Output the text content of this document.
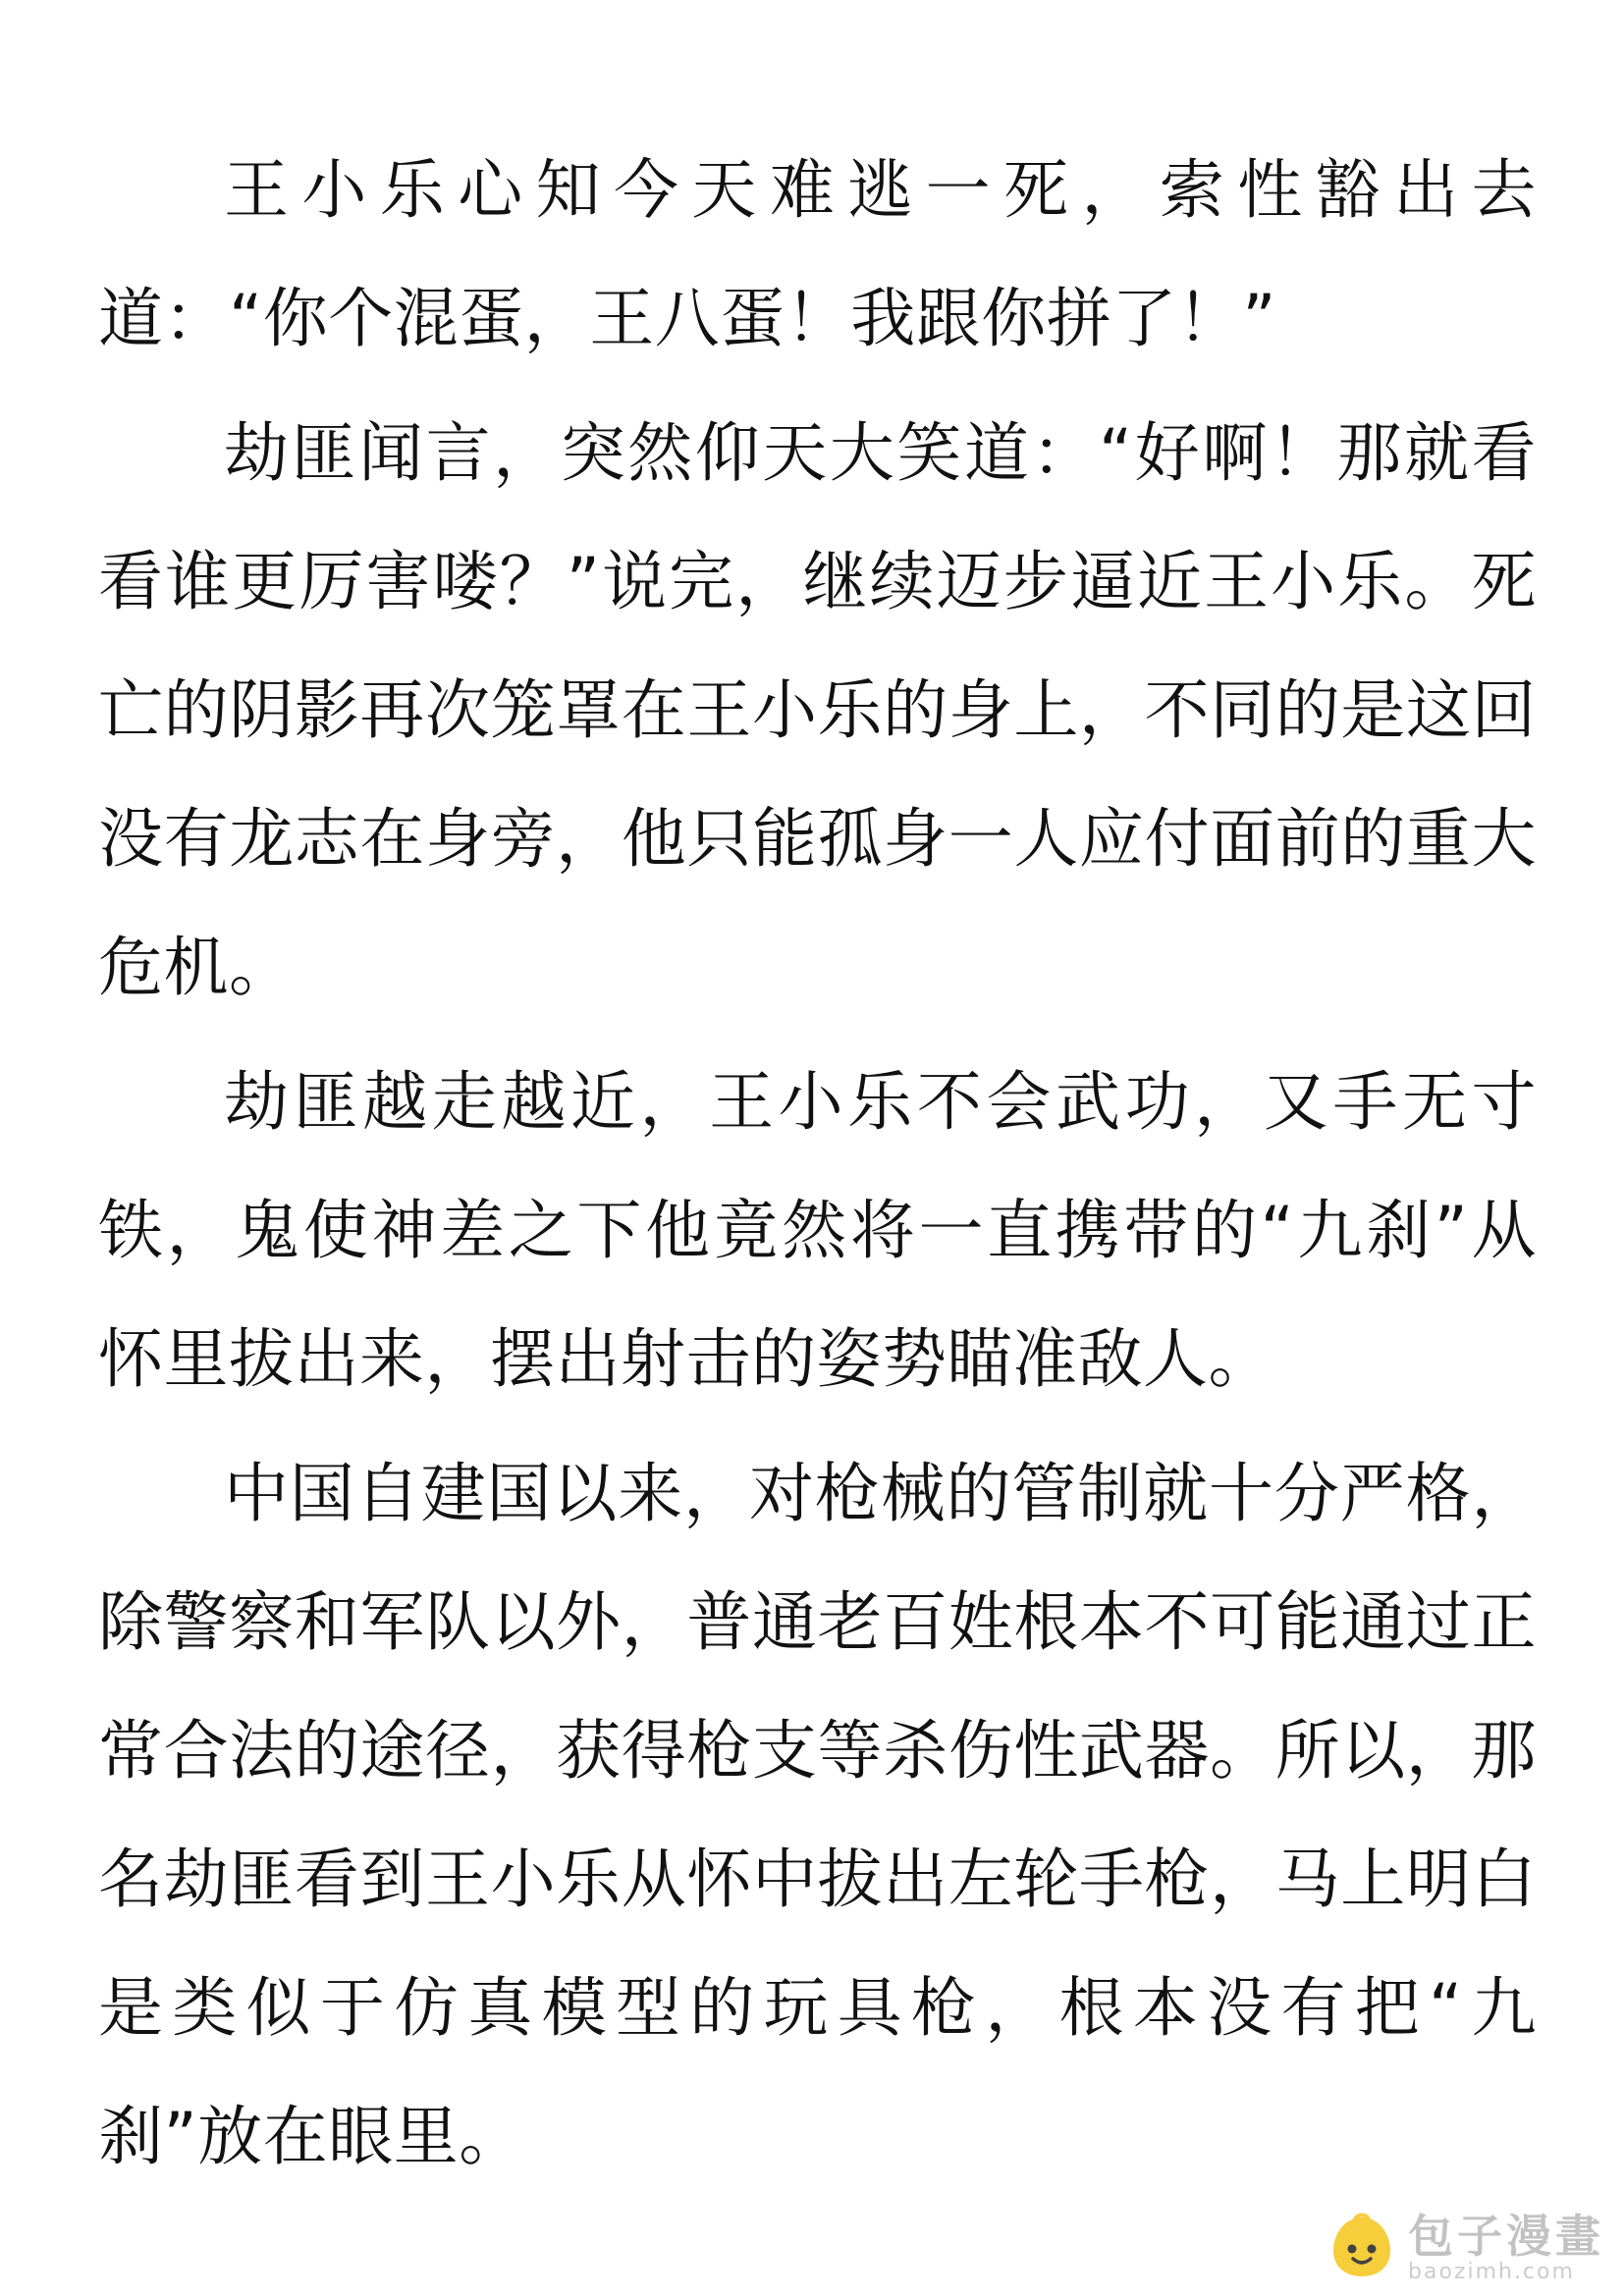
王小乐心知今天难逃一死，索性豁出去道：“你个混蛋，王八蛋！我跟你拼了！”

劫匪闻言，突然仰天大笑道：“好啊！那就看看谁更厉害喽？”说完，继续迈步逼近王小乐。死亡的阴影再次笼罩在王小乐的身上，不同的是这回没有龙志在身旁，他只能孤身一人应付面前的重大危机。

劫匪越走越近，王小乐不会武功，又手无寸铁，鬼使神差之下他竟然将一直携带的“九刹”从怀里拔出来，摆出射击的姿势瞄准敌人。

中国自建国以来，对枪械的管制就十分严格，除警察和军队以外，普通老百姓根本不可能通过正常合法的途径，获得枪支等杀伤性武器。所以，那名劫匪看到王小乐从怀中拔出左轮手枪，马上明白是类似于仿真模型的玩具枪，根本没有把“九刹”放在眼里。

包子漫畫
baozimh.com
